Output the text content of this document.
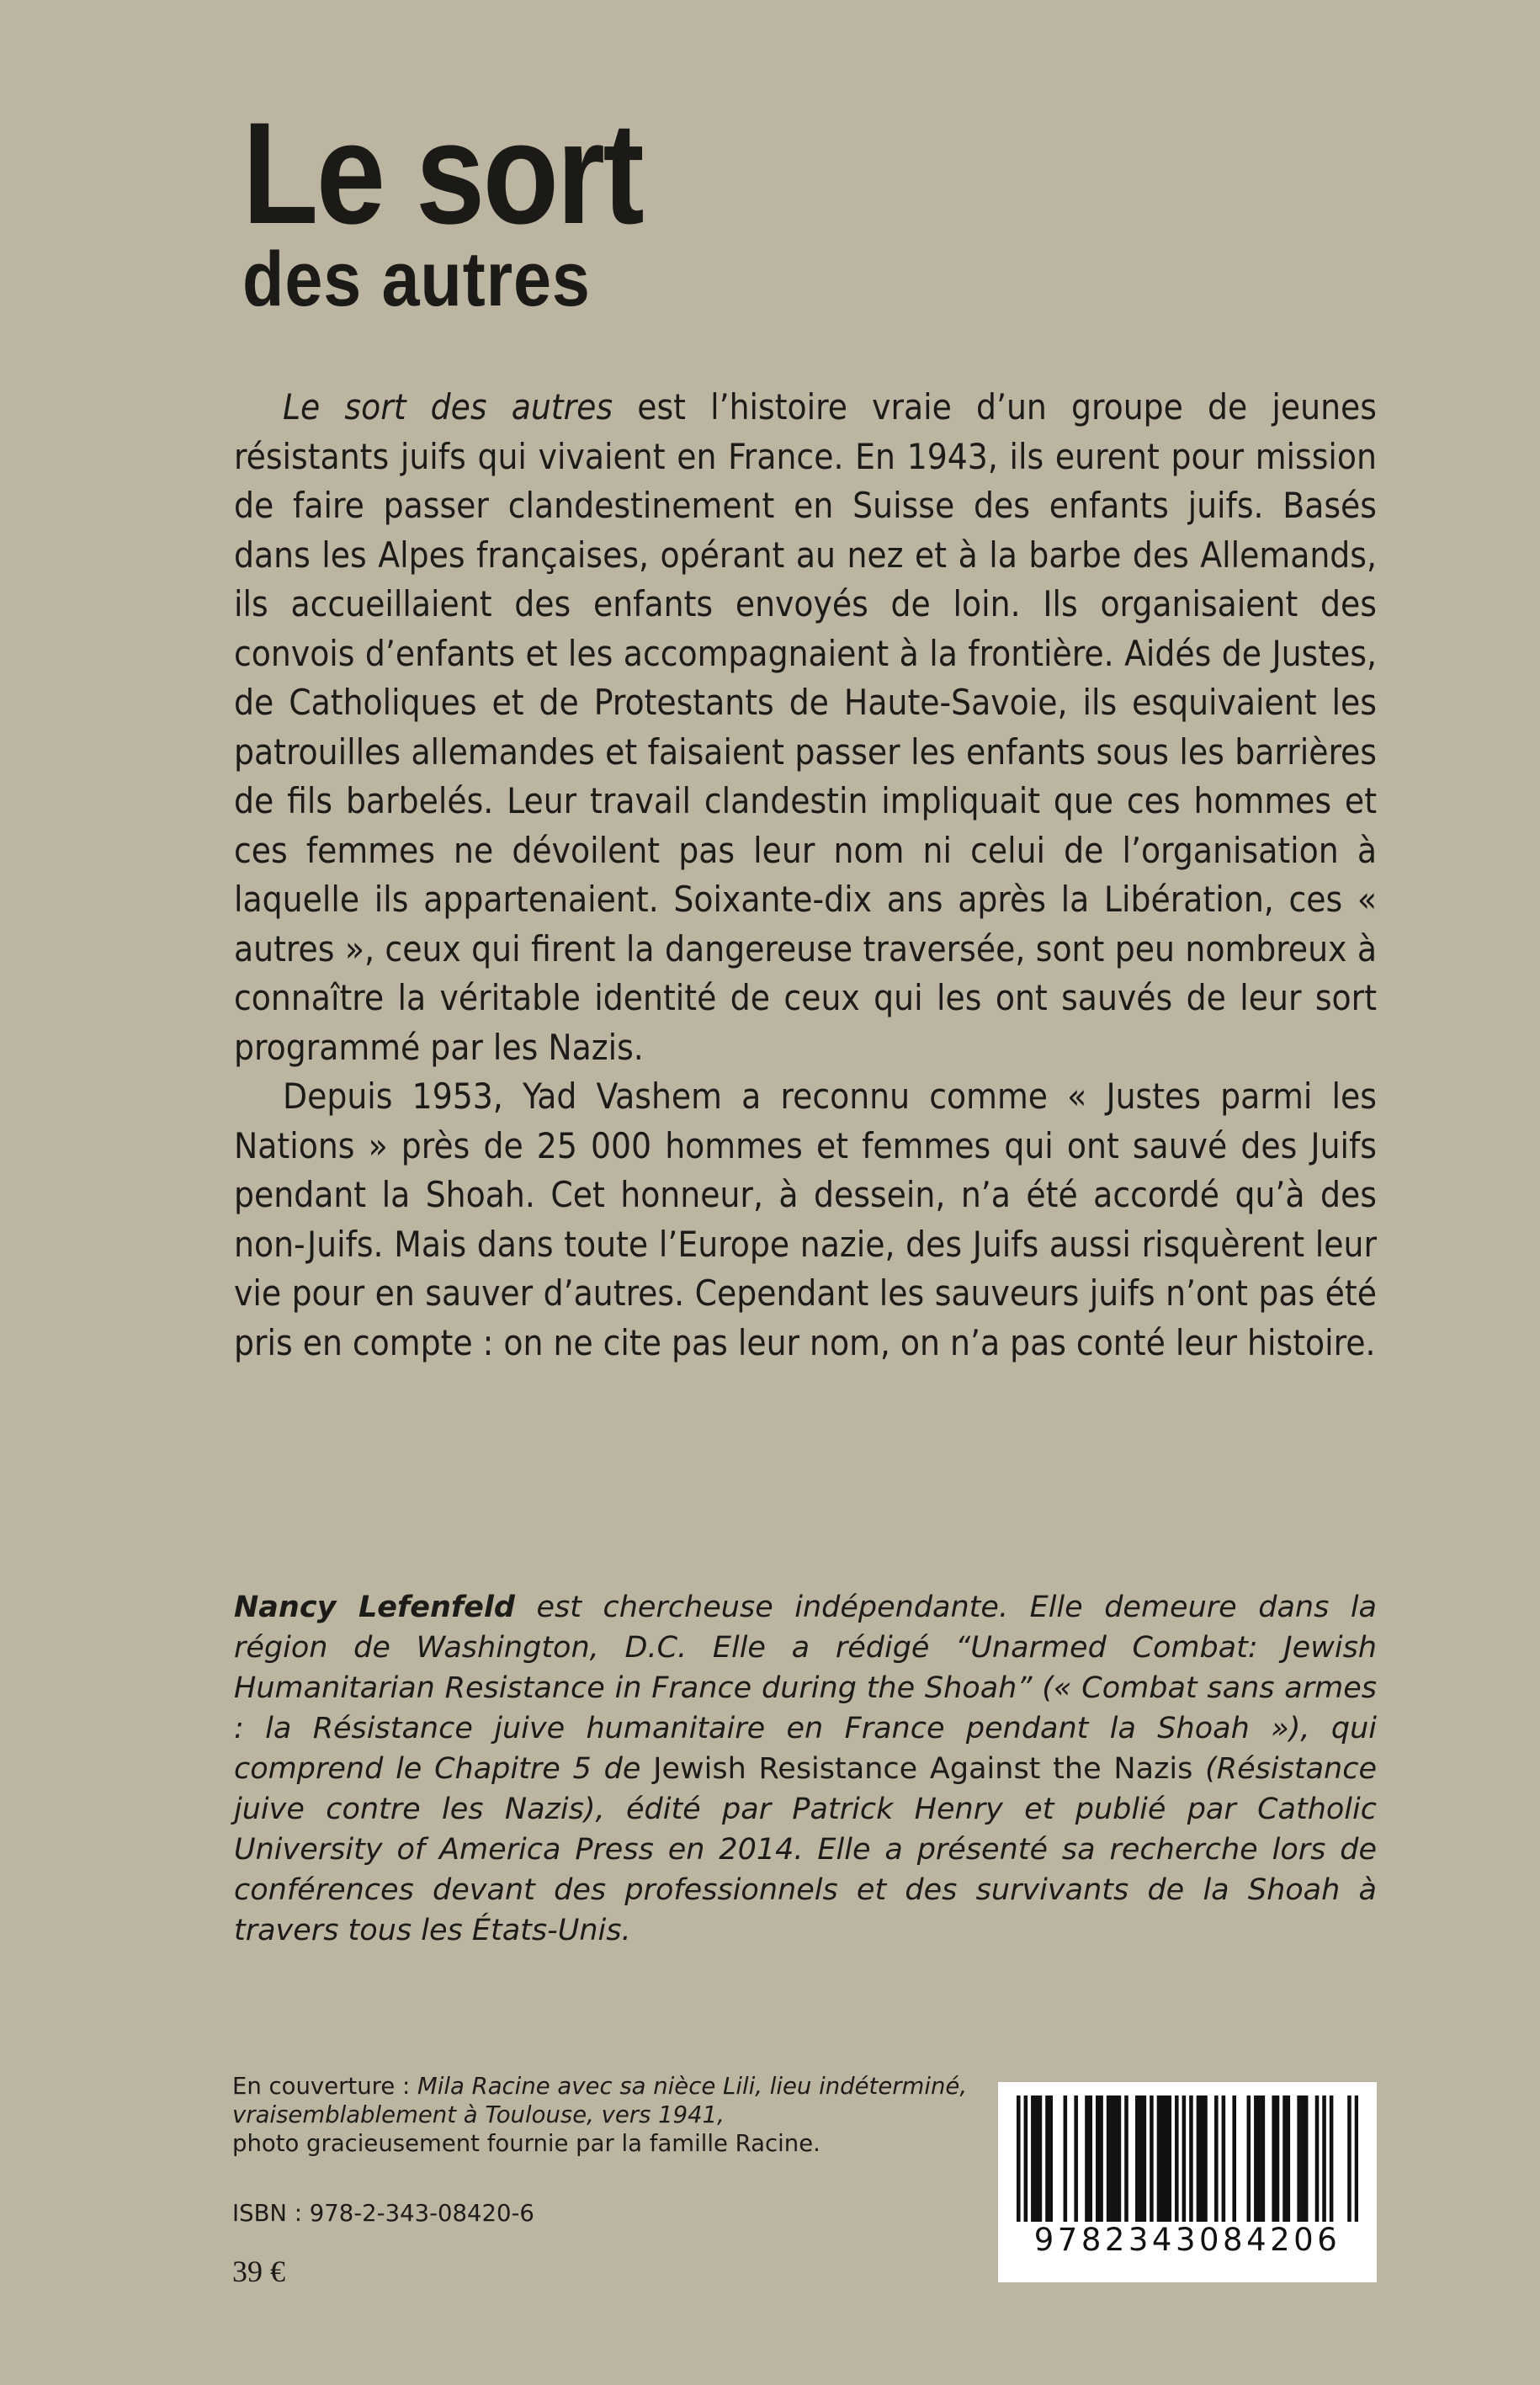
Le sort
des autres

Le sort des autres est l’histoire vraie d’un groupe de jeunes résistants juifs qui vivaient en France. En 1943, ils eurent pour mission de faire passer clandestinement en Suisse des enfants juifs. Basés dans les Alpes françaises, opérant au nez et à la barbe des Allemands, ils accueillaient des enfants envoyés de loin. Ils organisaient des convois d’enfants et les accompagnaient à la frontière. Aidés de Justes, de Catholiques et de Protestants de Haute-Savoie, ils esquivaient les patrouilles allemandes et faisaient passer les enfants sous les barrières de fils barbelés. Leur travail clandestin impliquait que ces hommes et ces femmes ne dévoilent pas leur nom ni celui de l’organisation à laquelle ils appartenaient. Soixante-dix ans après la Libération, ces « autres », ceux qui firent la dangereuse traversée, sont peu nombreux à connaître la véritable identité de ceux qui les ont sauvés de leur sort programmé par les Nazis.

Depuis 1953, Yad Vashem a reconnu comme « Justes parmi les Nations » près de 25 000 hommes et femmes qui ont sauvé des Juifs pendant la Shoah. Cet honneur, à dessein, n’a été accordé qu’à des non-Juifs. Mais dans toute l’Europe nazie, des Juifs aussi risquèrent leur vie pour en sauver d’autres. Cependant les sauveurs juifs n’ont pas été pris en compte : on ne cite pas leur nom, on n’a pas conté leur histoire.

Nancy Lefenfeld est chercheuse indépendante. Elle demeure dans la région de Washington, D.C. Elle a rédigé “Unarmed Combat: Jewish Humanitarian Resistance in France during the Shoah” (« Combat sans armes : la Résistance juive humanitaire en France pendant la Shoah »), qui comprend le Chapitre 5 de Jewish Resistance Against the Nazis (Résistance juive contre les Nazis), édité par Patrick Henry et publié par Catholic University of America Press en 2014. Elle a présenté sa recherche lors de conférences devant des professionnels et des survivants de la Shoah à travers tous les États-Unis.

En couverture : Mila Racine avec sa nièce Lili, lieu indéterminé, vraisemblablement à Toulouse, vers 1941,

photo gracieusement fournie par la famille Racine.

ISBN : 978-2-343-08420-6
39 €
9782343084206
